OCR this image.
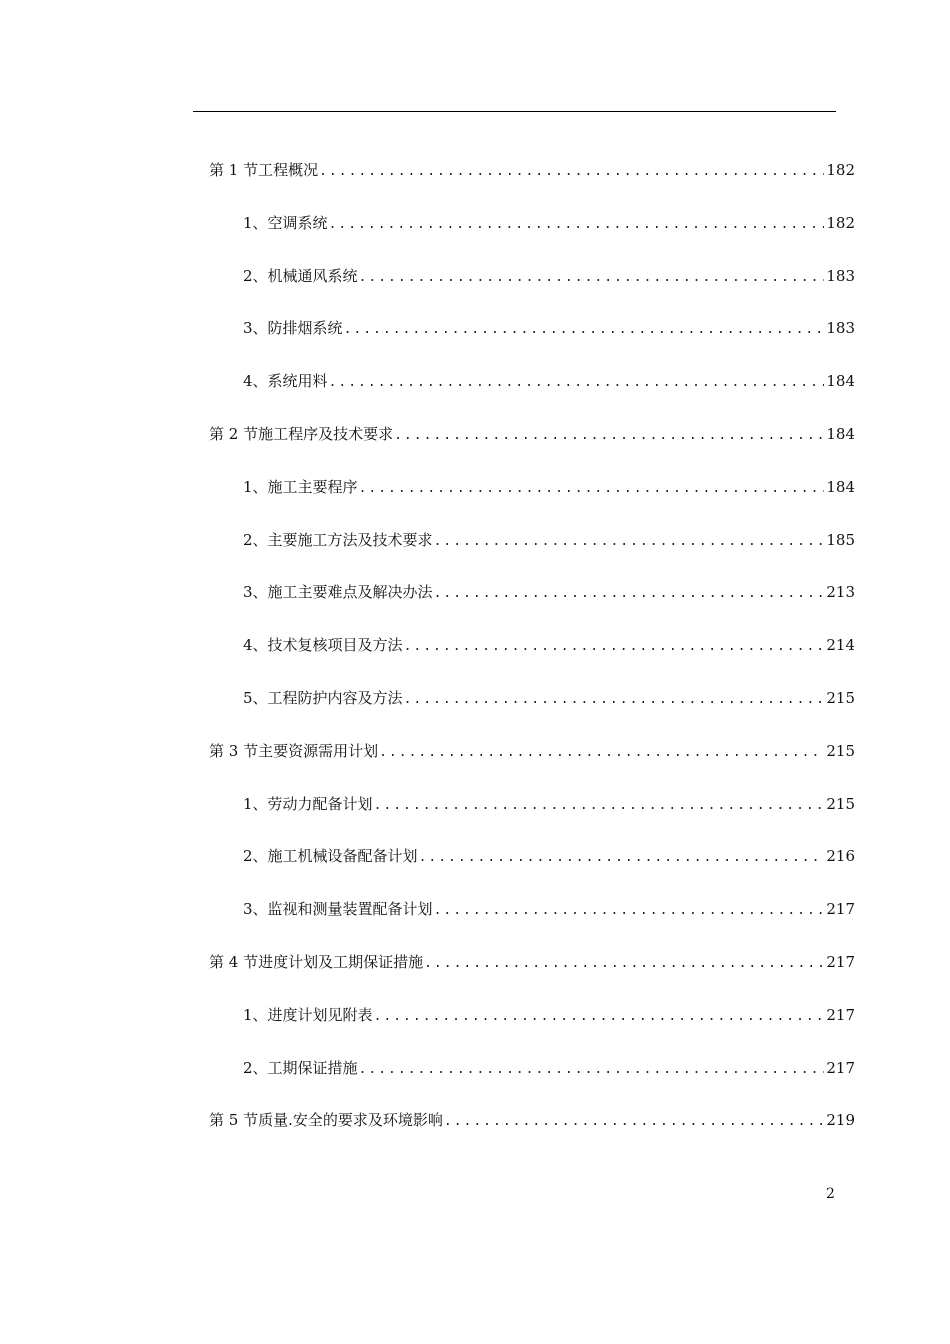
第 1 节 工程概况 .....	182
1、 空调系统 .....	182
2、 机械通风系统 .....	183
3、 防排烟系统 .....	183
4、 系统用料 .....	184
第 2 节 施工程序及技术要求 .....	184
1、 施工主要程序 .....	184
2、 主要施工方法及技术要求 .....	185
3、 施工主要难点及解决办法 .....	213
4、 技术复核项目及方法 .....	214
5、 工程防护内容及方法 .....	215
第 3 节 主要资源需用计划 .....	215
1、 劳动力配备计划 .....	215
2、 施工机械设备配备计划 .....	216
3、 监视和测量装置配备计划 .....	217
第 4 节 进度计划及工期保证措施 .....	217
1、 进度计划见附表 .....	217
2、 工期保证措施 .....	217
第 5 节 质量.安全的要求及环境影响 .....	219
2
